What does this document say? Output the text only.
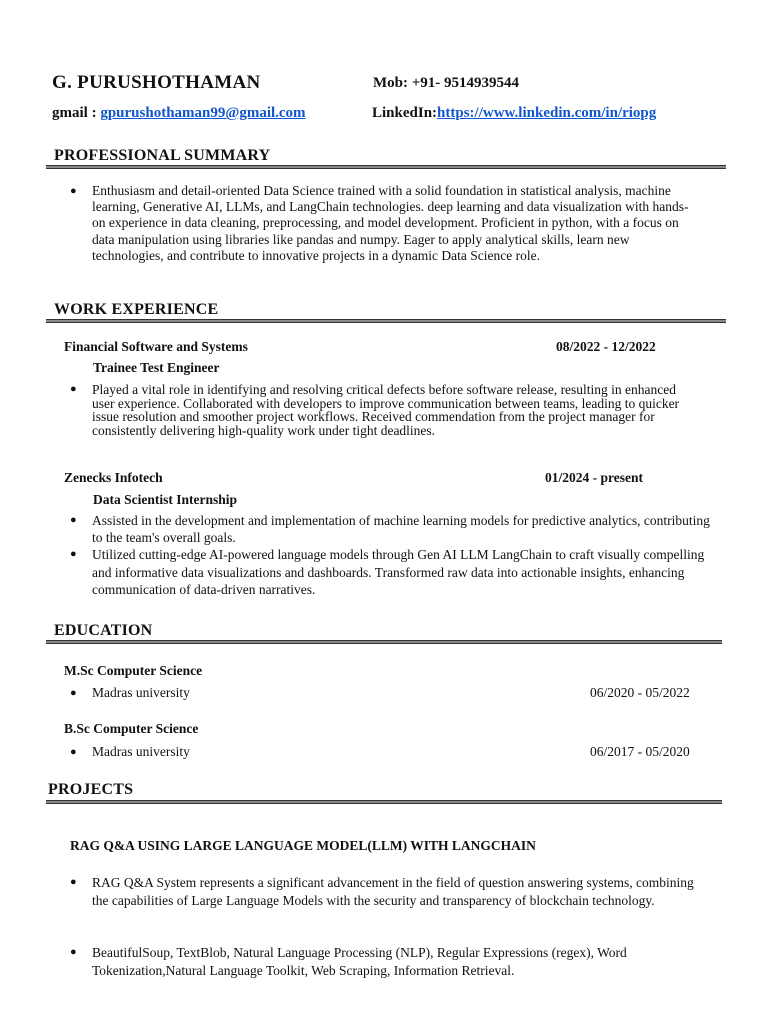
G. PURUSHOTHAMAN	Mob: +91- 9514939544
gmail : gpurushothaman99@gmail.com	LinkedIn:https://www.linkedin.com/in/riopg
PROFESSIONAL SUMMARY
● Enthusiasm and detail-oriented Data Science trained with a solid foundation in statistical analysis, machine learning, Generative AI, LLMs, and LangChain technologies. deep learning and data visualization with hands-on experience in data cleaning, preprocessing, and model development. Proficient in python, with a focus on data manipulation using libraries like pandas and numpy. Eager to apply analytical skills, learn new technologies, and contribute to innovative projects in a dynamic Data Science role.
WORK EXPERIENCE
Financial Software and Systems	08/2022 - 12/2022
Trainee Test Engineer
● Played a vital role in identifying and resolving critical defects before software release, resulting in enhanced user experience. Collaborated with developers to improve communication between teams, leading to quicker issue resolution and smoother project workflows. Received commendation from the project manager for consistently delivering high-quality work under tight deadlines.
Zenecks Infotech	01/2024 - present
Data Scientist Internship
● Assisted in the development and implementation of machine learning models for predictive analytics, contributing to the team's overall goals.
● Utilized cutting-edge AI-powered language models through Gen AI LLM LangChain to craft visually compelling and informative data visualizations and dashboards. Transformed raw data into actionable insights, enhancing communication of data-driven narratives.
EDUCATION
M.Sc Computer Science
● Madras university	06/2020 - 05/2022
B.Sc Computer Science
● Madras university	06/2017 - 05/2020
PROJECTS
RAG Q&A USING LARGE LANGUAGE MODEL(LLM) WITH LANGCHAIN
● RAG Q&A System represents a significant advancement in the field of question answering systems, combining the capabilities of Large Language Models with the security and transparency of blockchain technology.
● BeautifulSoup, TextBlob, Natural Language Processing (NLP), Regular Expressions (regex), Word Tokenization,Natural Language Toolkit, Web Scraping, Information Retrieval.
